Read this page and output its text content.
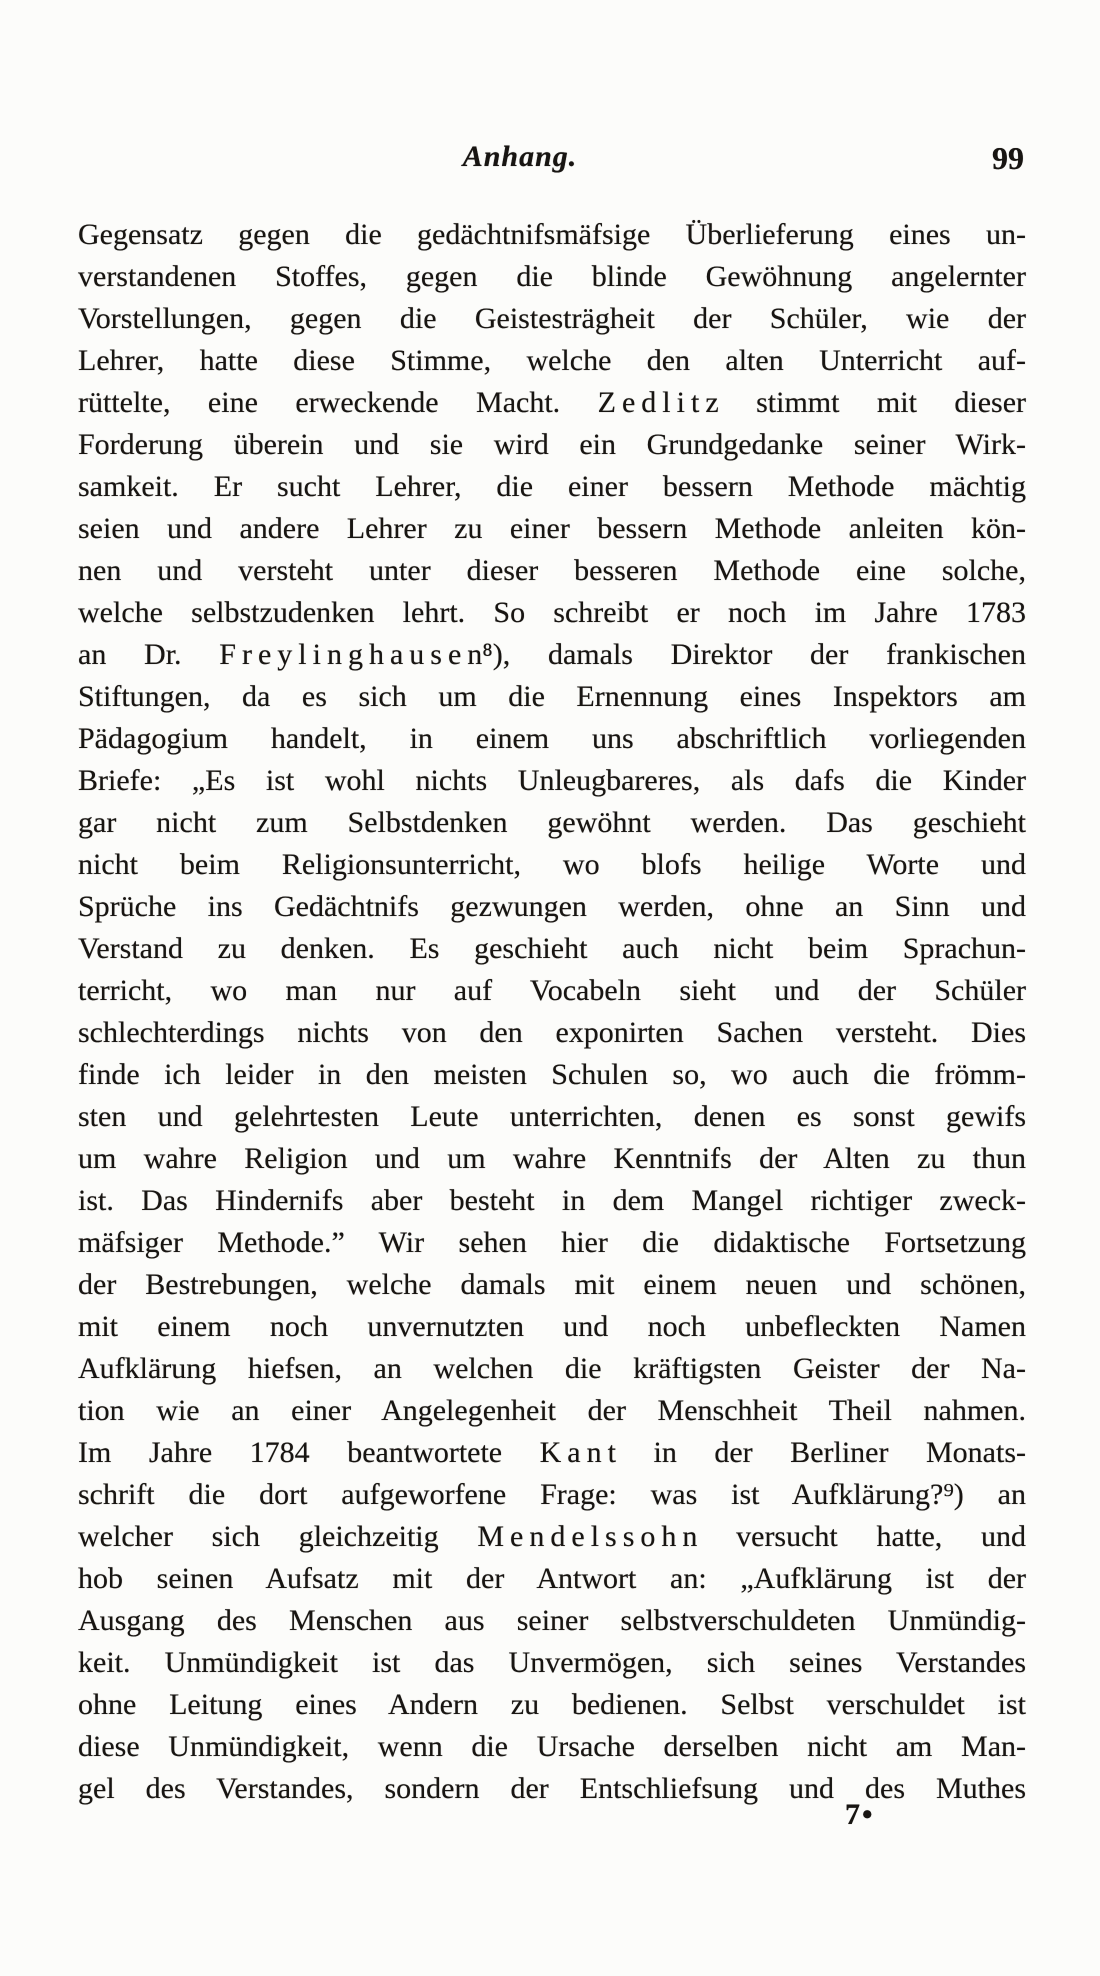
Anhang.	99
Gegensatz gegen die gedächtnifsmäfsige Überlieferung eines un-
verstandenen Stoffes, gegen die blinde Gewöhnung angelernter
Vorstellungen, gegen die Geistesträgheit der Schüler, wie der
Lehrer, hatte diese Stimme, welche den alten Unterricht auf-
rüttelte, eine erweckende Macht. Z e d l i t z stimmt mit dieser
Forderung überein und sie wird ein Grundgedanke seiner Wirk-
samkeit. Er sucht Lehrer, die einer bessern Methode mächtig
seien und andere Lehrer zu einer bessern Methode anleiten kön-
nen und versteht unter dieser besseren Methode eine solche,
welche selbstzudenken lehrt. So schreibt er noch im Jahre 1783
an Dr. F r e y l i n g h a u s e n⁸), damals Direktor der frankischen
Stiftungen, da es sich um die Ernennung eines Inspektors am
Pädagogium handelt, in einem uns abschriftlich vorliegenden
Briefe: „Es ist wohl nichts Unleugbareres, als dafs die Kinder
gar nicht zum Selbstdenken gewöhnt werden. Das geschieht
nicht beim Religionsunterricht, wo blofs heilige Worte und
Sprüche ins Gedächtnifs gezwungen werden, ohne an Sinn und
Verstand zu denken. Es geschieht auch nicht beim Sprachun-
terricht, wo man nur auf Vocabeln sieht und der Schüler
schlechterdings nichts von den exponirten Sachen versteht. Dies
finde ich leider in den meisten Schulen so, wo auch die frömm-
sten und gelehrtesten Leute unterrichten, denen es sonst gewifs
um wahre Religion und um wahre Kenntnifs der Alten zu thun
ist. Das Hindernifs aber besteht in dem Mangel richtiger zweck-
mäfsiger Methode.” Wir sehen hier die didaktische Fortsetzung
der Bestrebungen, welche damals mit einem neuen und schönen,
mit einem noch unvernutzten und noch unbefleckten Namen
Aufklärung hiefsen, an welchen die kräftigsten Geister der Na-
tion wie an einer Angelegenheit der Menschheit Theil nahmen.
Im Jahre 1784 beantwortete K a n t in der Berliner Monats-
schrift die dort aufgeworfene Frage: was ist Aufklärung?⁹) an
welcher sich gleichzeitig M e n d e l s s o h n versucht hatte, und
hob seinen Aufsatz mit der Antwort an: „Aufklärung ist der
Ausgang des Menschen aus seiner selbstverschuldeten Unmündig-
keit. Unmündigkeit ist das Unvermögen, sich seines Verstandes
ohne Leitung eines Andern zu bedienen. Selbst verschuldet ist
diese Unmündigkeit, wenn die Ursache derselben nicht am Man-
gel des Verstandes, sondern der Entschliefsung und des Muthes
7•
